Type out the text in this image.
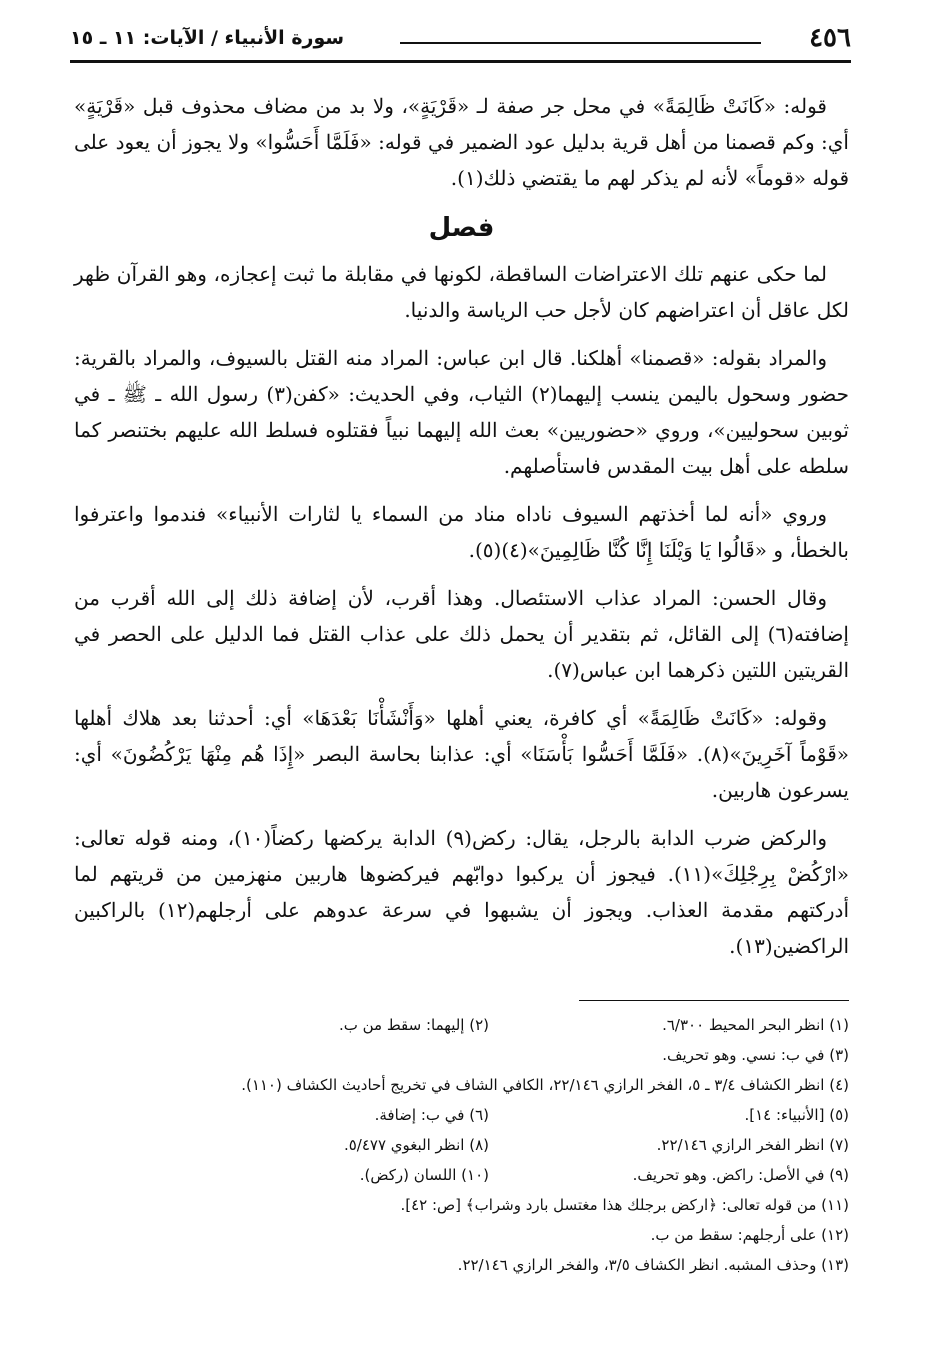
٤٥٦
سورة الأنبياء / الآيات: ١١ ـ ١٥

قوله: «كَانَتْ ظَالِمَةً» في محل جر صفة لـ «قَرْيَةٍ»، ولا بد من مضاف محذوف قبل «قَرْيَةٍ» أي: وكم قصمنا من أهل قرية بدليل عود الضمير في قوله: «فَلَمَّا أَحَسُّوا» ولا يجوز أن يعود على قوله «قوماً» لأنه لم يذكر لهم ما يقتضي ذلك(١).

فصل

لما حكى عنهم تلك الاعتراضات الساقطة، لكونها في مقابلة ما ثبت إعجازه، وهو القرآن ظهر لكل عاقل أن اعتراضهم كان لأجل حب الرياسة والدنيا.

والمراد بقوله: «قصمنا» أهلكنا. قال ابن عباس: المراد منه القتل بالسيوف، والمراد بالقرية: حضور وسحول باليمن ينسب إليهما(٢) الثياب، وفي الحديث: «كفن(٣) رسول الله ـ ﷺ ـ في ثوبين سحوليين»، وروي «حضوريين» بعث الله إليهما نبياً فقتلوه فسلط الله عليهم بختنصر كما سلطه على أهل بيت المقدس فاستأصلهم.

وروي «أنه لما أخذتهم السيوف ناداه مناد من السماء يا لثارات الأنبياء» فندموا واعترفوا بالخطأ، و «قَالُوا يَا وَيْلَنَا إِنَّا كُنَّا ظَالِمِينَ»(٤)(٥).

وقال الحسن: المراد عذاب الاستئصال. وهذا أقرب، لأن إضافة ذلك إلى الله أقرب من إضافته(٦) إلى القائل، ثم بتقدير أن يحمل ذلك على عذاب القتل فما الدليل على الحصر في القريتين اللتين ذكرهما ابن عباس(٧).

وقوله: «كَانَتْ ظَالِمَةً» أي كافرة، يعني أهلها «وَأَنْشَأْنَا بَعْدَهَا» أي: أحدثنا بعد هلاك أهلها «قَوْماً آخَرِينَ»(٨). «فَلَمَّا أَحَسُّوا بَأْسَنَا» أي: عذابنا بحاسة البصر «إِذَا هُم مِنْهَا يَرْكُضُونَ» أي: يسرعون هاربين.

والركض ضرب الدابة بالرجل، يقال: ركض(٩) الدابة يركضها ركضاً(١٠)، ومنه قوله تعالى: «ارْكُضْ بِرِجْلِكَ»(١١). فيجوز أن يركبوا دوابّهم فيركضوها هاربين منهزمين من قريتهم لما أدركتهم مقدمة العذاب. ويجوز أن يشبهوا في سرعة عدوهم على أرجلهم(١٢) بالراكبين الراكضين(١٣).

(١) انظر البحر المحيط ٦/٣٠٠.
(٢) إليهما: سقط من ب.
(٣) في ب: نسي. وهو تحريف.
(٤) انظر الكشاف ٣/٤ ـ ٥، الفخر الرازي ٢٢/١٤٦، الكافي الشاف في تخريج أحاديث الكشاف (١١٠).
(٥) [الأنبياء: ١٤].
(٦) في ب: إضافة.
(٧) انظر الفخر الرازي ٢٢/١٤٦.
(٨) انظر البغوي ٥/٤٧٧.
(٩) في الأصل: راكض. وهو تحريف.
(١٠) اللسان (ركض).
(١١) من قوله تعالى: ﴿اركض برجلك هذا مغتسل بارد وشراب﴾ [ص: ٤٢].
(١٢) على أرجلهم: سقط من ب.
(١٣) وحذف المشبه. انظر الكشاف ٣/٥، والفخر الرازي ٢٢/١٤٦.
